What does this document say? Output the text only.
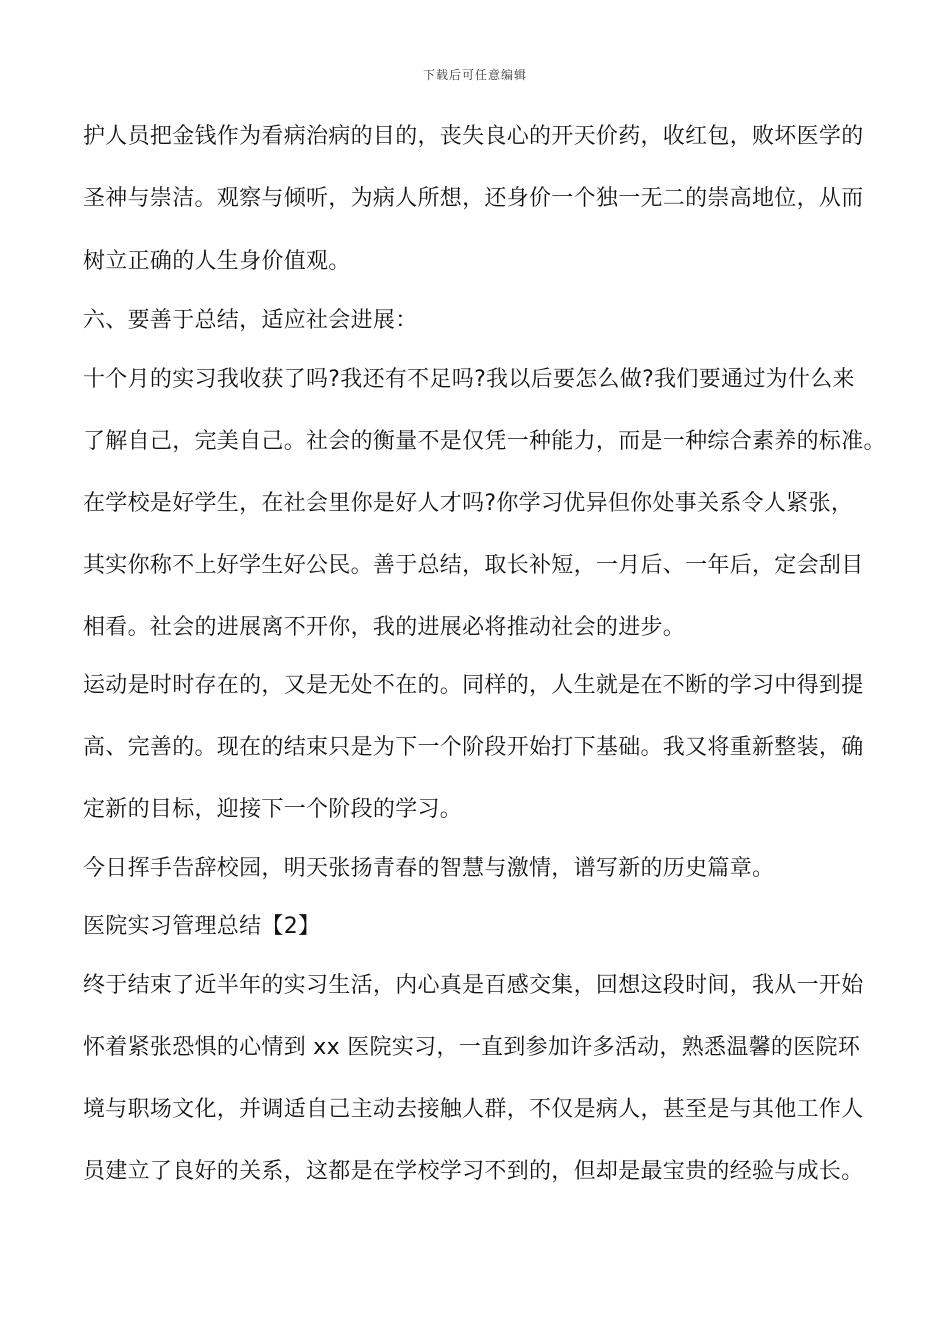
下载后可任意编辑
护人员把金钱作为看病治病的目的，丧失良心的开天价药，收红包，败坏医学的
圣神与崇洁。观察与倾听，为病人所想，还身价一个独一无二的崇高地位，从而
树立正确的人生身价值观。
六、要善于总结，适应社会进展：
十个月的实习我收获了吗?我还有不足吗?我以后要怎么做?我们要通过为什么来
了解自己，完美自己。社会的衡量不是仅凭一种能力，而是一种综合素养的标准。
在学校是好学生，在社会里你是好人才吗?你学习优异但你处事关系令人紧张，
其实你称不上好学生好公民。善于总结，取长补短，一月后、一年后，定会刮目
相看。社会的进展离不开你，我的进展必将推动社会的进步。
运动是时时存在的，又是无处不在的。同样的，人生就是在不断的学习中得到提
高、完善的。现在的结束只是为下一个阶段开始打下基础。我又将重新整装，确
定新的目标，迎接下一个阶段的学习。
今日挥手告辞校园，明天张扬青春的智慧与激情，谱写新的历史篇章。
医院实习管理总结【2】
终于结束了近半年的实习生活，内心真是百感交集，回想这段时间，我从一开始
怀着紧张恐惧的心情到 xx 医院实习，一直到参加许多活动，熟悉温馨的医院环
境与职场文化，并调适自己主动去接触人群，不仅是病人，甚至是与其他工作人
员建立了良好的关系，这都是在学校学习不到的，但却是最宝贵的经验与成长。
